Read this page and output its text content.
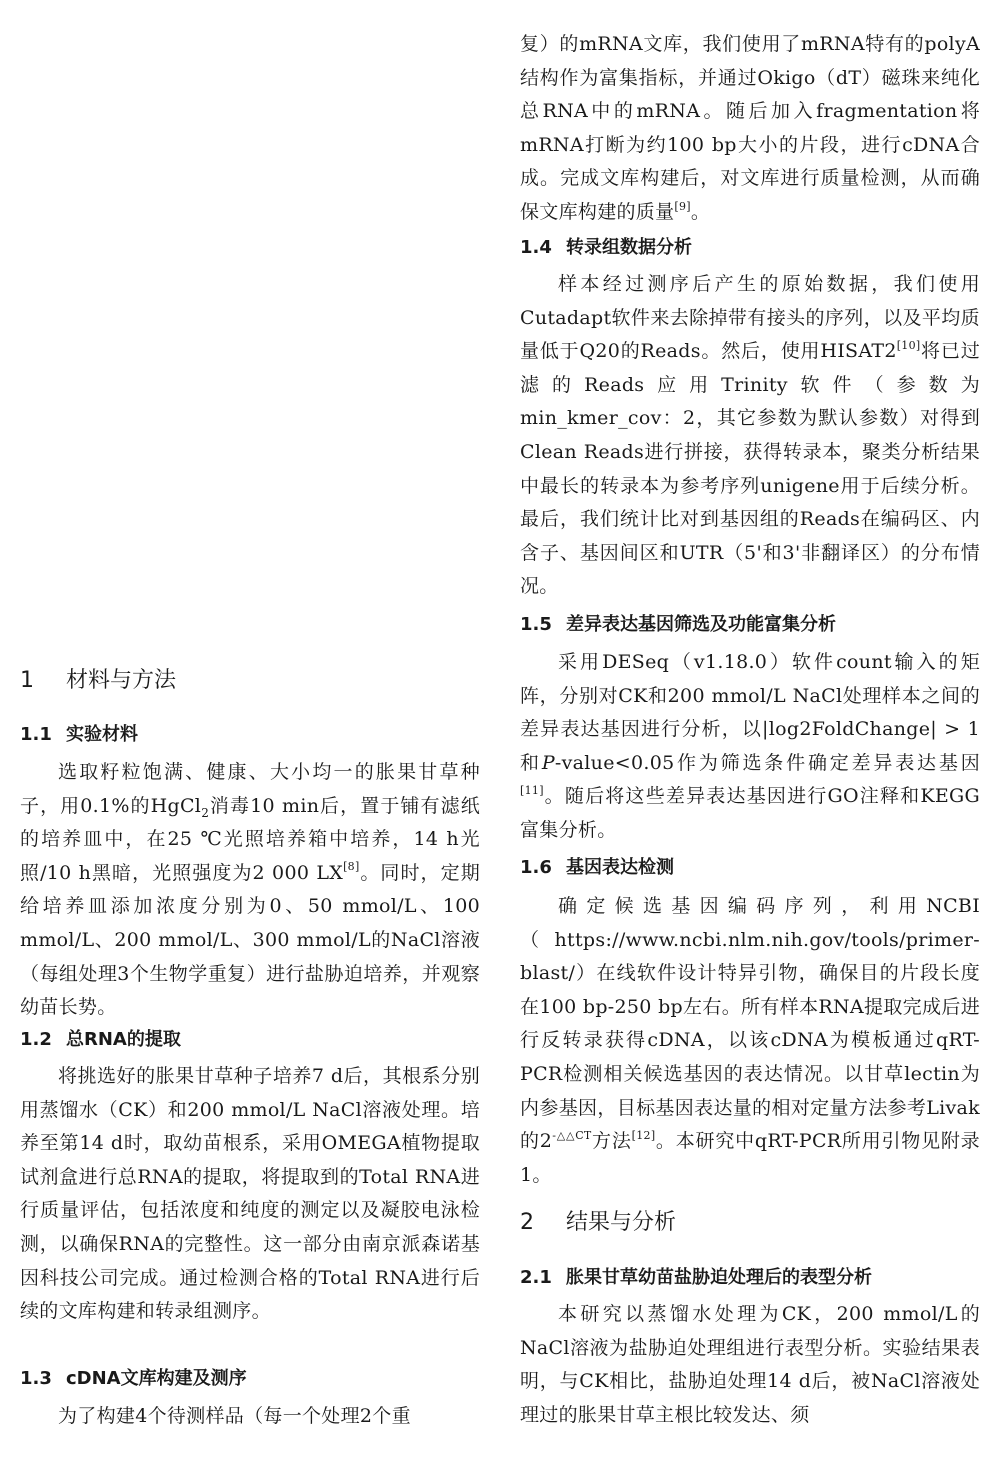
1 材料与方法
1.1 实验材料

选取籽粒饱满、健康、大小均一的胀果甘草种子，用0.1%的HgCl$_2$消毒10 min后，置于铺有滤纸的培养皿中，在25 ℃光照培养箱中培养，14 h光照/10 h黑暗，光照强度为2 000 LX[8]。同时，定期给培养皿添加浓度分别为0、50 mmol/L、100 mmol/L、200 mmol/L、300 mmol/L的NaCl溶液（每组处理3个生物学重复）进行盐胁迫培养，并观察幼苗长势。

1.2 总RNA的提取

将挑选好的胀果甘草种子培养7 d后，其根系分别用蒸馏水（CK）和200 mmol/L NaCl溶液处理。培养至第14 d时，取幼苗根系，采用OMEGA植物提取试剂盒进行总RNA的提取，将提取到的Total RNA进行质量评估，包括浓度和纯度的测定以及凝胶电泳检测，以确保RNA的完整性。这一部分由南京派森诺基因科技公司完成。通过检测合格的Total RNA进行后续的文库构建和转录组测序。

1.3 cDNA文库构建及测序

为了构建4个待测样品（每一个处理2个重

复）的mRNA文库，我们使用了mRNA特有的polyA结构作为富集指标，并通过Okigo（dT）磁珠来纯化总RNA中的mRNA。随后加入fragmentation将mRNA打断为约100 bp大小的片段，进行cDNA合成。完成文库构建后，对文库进行质量检测，从而确保文库构建的质量[9]。

1.4 转录组数据分析

样本经过测序后产生的原始数据，我们使用Cutadapt软件来去除掉带有接头的序列，以及平均质量低于Q20的Reads。然后，使用HISAT2[10]将已过滤的Reads应用Trinity软件（参数为min_kmer_cov：2，其它参数为默认参数）对得到Clean Reads进行拼接，获得转录本，聚类分析结果中最长的转录本为参考序列unigene用于后续分析。最后，我们统计比对到基因组的Reads在编码区、内含子、基因间区和UTR（5'和3'非翻译区）的分布情况。

1.5 差异表达基因筛选及功能富集分析

采用DESeq（v1.18.0）软件count输入的矩阵，分别对CK和200 mmol/L NaCl处理样本之间的差异表达基因进行分析，以|log2FoldChange| > 1和P-value<0.05作为筛选条件确定差异表达基因[11]。随后将这些差异表达基因进行GO注释和KEGG富集分析。

1.6 基因表达检测

确定候选基因编码序列，利用NCBI（https://www.ncbi.nlm.nih.gov/tools/primer-blast/）在线软件设计特异引物，确保目的片段长度在100 bp-250 bp左右。所有样本RNA提取完成后进行反转录获得cDNA，以该cDNA为模板通过qRT-PCR检测相关候选基因的表达情况。以甘草lectin为内参基因，目标基因表达量的相对定量方法参考Livak的$2^{-\triangle\triangle CT}$方法[12]。本研究中qRT-PCR所用引物见附录1。

2 结果与分析
2.1 胀果甘草幼苗盐胁迫处理后的表型分析

本研究以蒸馏水处理为CK，200 mmol/L的NaCl溶液为盐胁迫处理组进行表型分析。实验结果表明，与CK相比，盐胁迫处理14 d后，被NaCl溶液处理过的胀果甘草主根比较发达、须
